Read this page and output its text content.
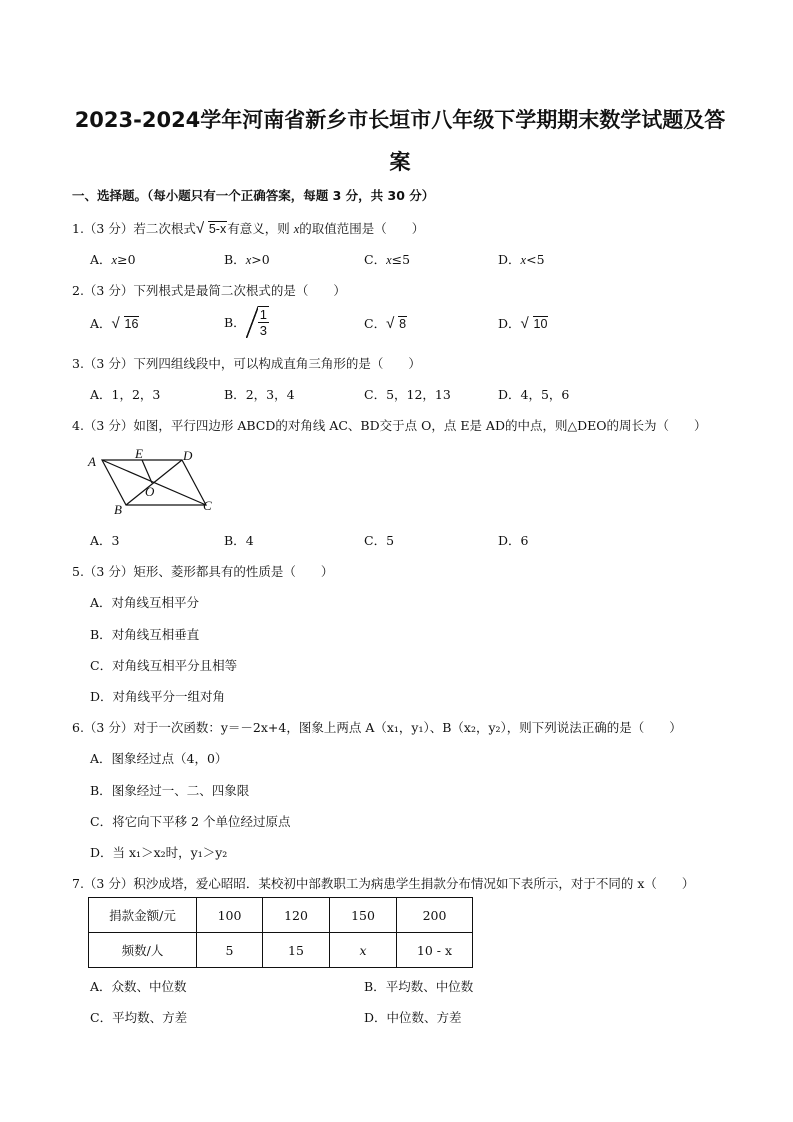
2023-2024学年河南省新乡市长垣市八年级下学期期末数学试题及答
案
一、选择题。（每小题只有一个正确答案，每题 3 分，共 30 分）
1.（3 分）若二次根式 √ 5-x有意义，则 x的取值范围是（　　）
A．x≥0	B．x>0	C．x≤5	D．x<5
2.（3 分）下列根式是最简二次根式的是（　　）
A． √ 16	B． $\frac{1}{3}$	C． √ 8	D． √ 10
3.（3 分）下列四组线段中，可以构成直角三角形的是（　　）
A．1，2，3	B．2，3，4	C．5，12，13	D．4，5，6
4.（3 分）如图，平行四边形 ABCD的对角线 AC、BD交于点 O，点 E是 AD的中点，则△DEO的周长为（　　）
A
E	D
O
B	C
A．3	B．4	C．5	D．6
5.（3 分）矩形、菱形都具有的性质是（　　）
A．对角线互相平分
B．对角线互相垂直
C．对角线互相平分且相等
D．对角线平分一组对角
6.（3 分）对于一次函数：y＝－2x+4，图象上两点 A（x₁，y₁）、B（x₂，y₂），则下列说法正确的是（　　）
A．图象经过点（4，0）
B．图象经过一、二、四象限
C．将它向下平移 2 个单位经过原点
D．当 x₁＞x₂时，y₁＞y₂
7.（3 分）积沙成塔，爱心昭昭．某校初中部教职工为病患学生捐款分布情况如下表所示，对于不同的 x（　　）
捐款金额/元	100	120	150	200
频数/人	5	15	x	10 - x
A．众数、中位数	B．平均数、中位数
C．平均数、方差	D．中位数、方差
